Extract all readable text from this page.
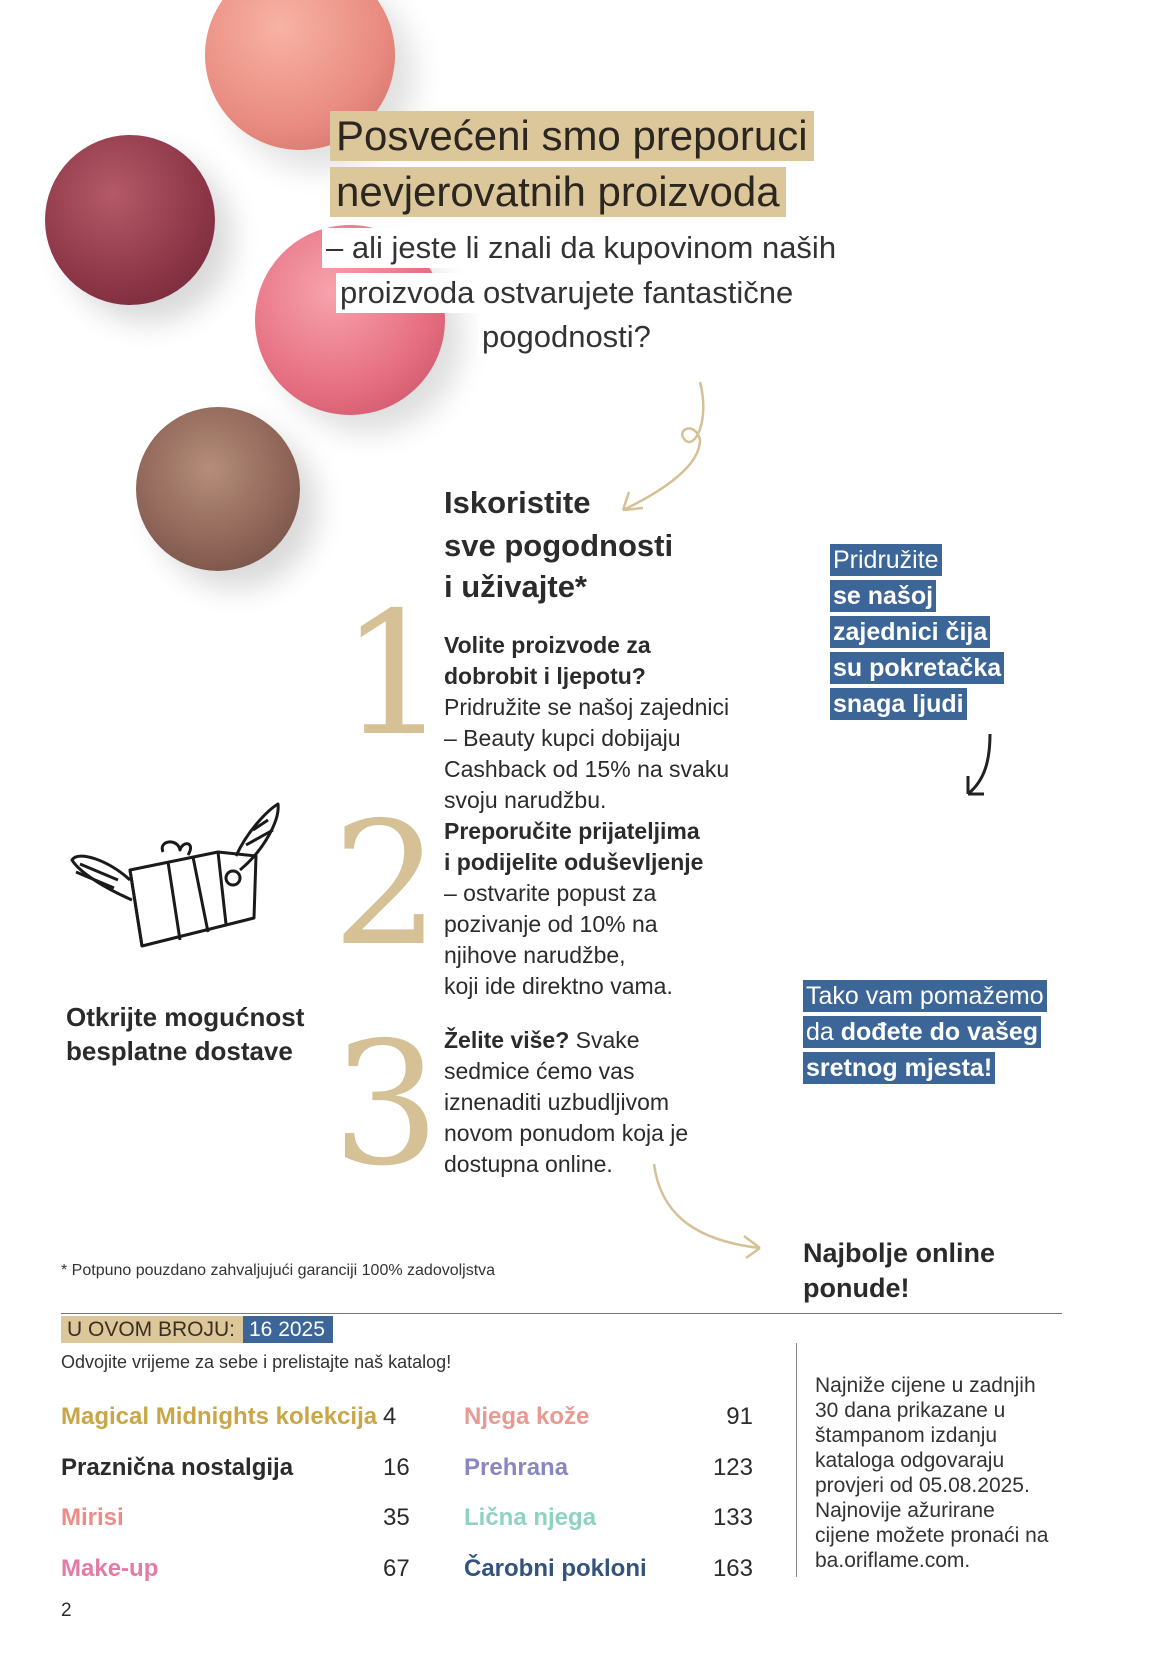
Posvećeni smo preporuci
nevjerovatnih proizvoda
– ali jeste li znali da kupovinom naših
proizvoda ostvarujete fantastične
pogodnosti?
Iskoristite
sve pogodnosti
i uživajte*
1
2
3
Volite proizvode za
dobrobit i ljepotu?
Pridružite se našoj zajednici
– Beauty kupci dobijaju
Cashback od 15% na svaku
svoju narudžbu.
Preporučite prijateljima
i podijelite oduševljenje
– ostvarite popust za
pozivanje od 10% na
njihove narudžbe,
koji ide direktno vama.
Želite više? Svake
sedmice ćemo vas
iznenaditi uzbudljivom
novom ponudom koja je
dostupna online.
Pridružite
se našoj
zajednici čija
su pokretačka
snaga ljudi
Tako vam pomažemo
da dođete do vašeg
sretnog mjesta!
Otkrijte mogućnost
besplatne dostave
* Potpuno pouzdano zahvaljujući garanciji 100% zadovoljstva
Najbolje online
ponude!
U OVOM BROJU: 16 2025
Odvojite vrijeme za sebe i prelistajte naš katalog!
Magical Midnights kolekcija 4
Praznična nostalgija	16
Mirisi	35
Make-up	67
Njega kože	91
Prehrana	123
Lična njega	133
Čarobni pokloni	163
Najniže cijene u zadnjih
30 dana prikazane u
štampanom izdanju
kataloga odgovaraju
provjeri od 05.08.2025.
Najnovije ažurirane
cijene možete pronaći na
ba.oriflame.com.
2
